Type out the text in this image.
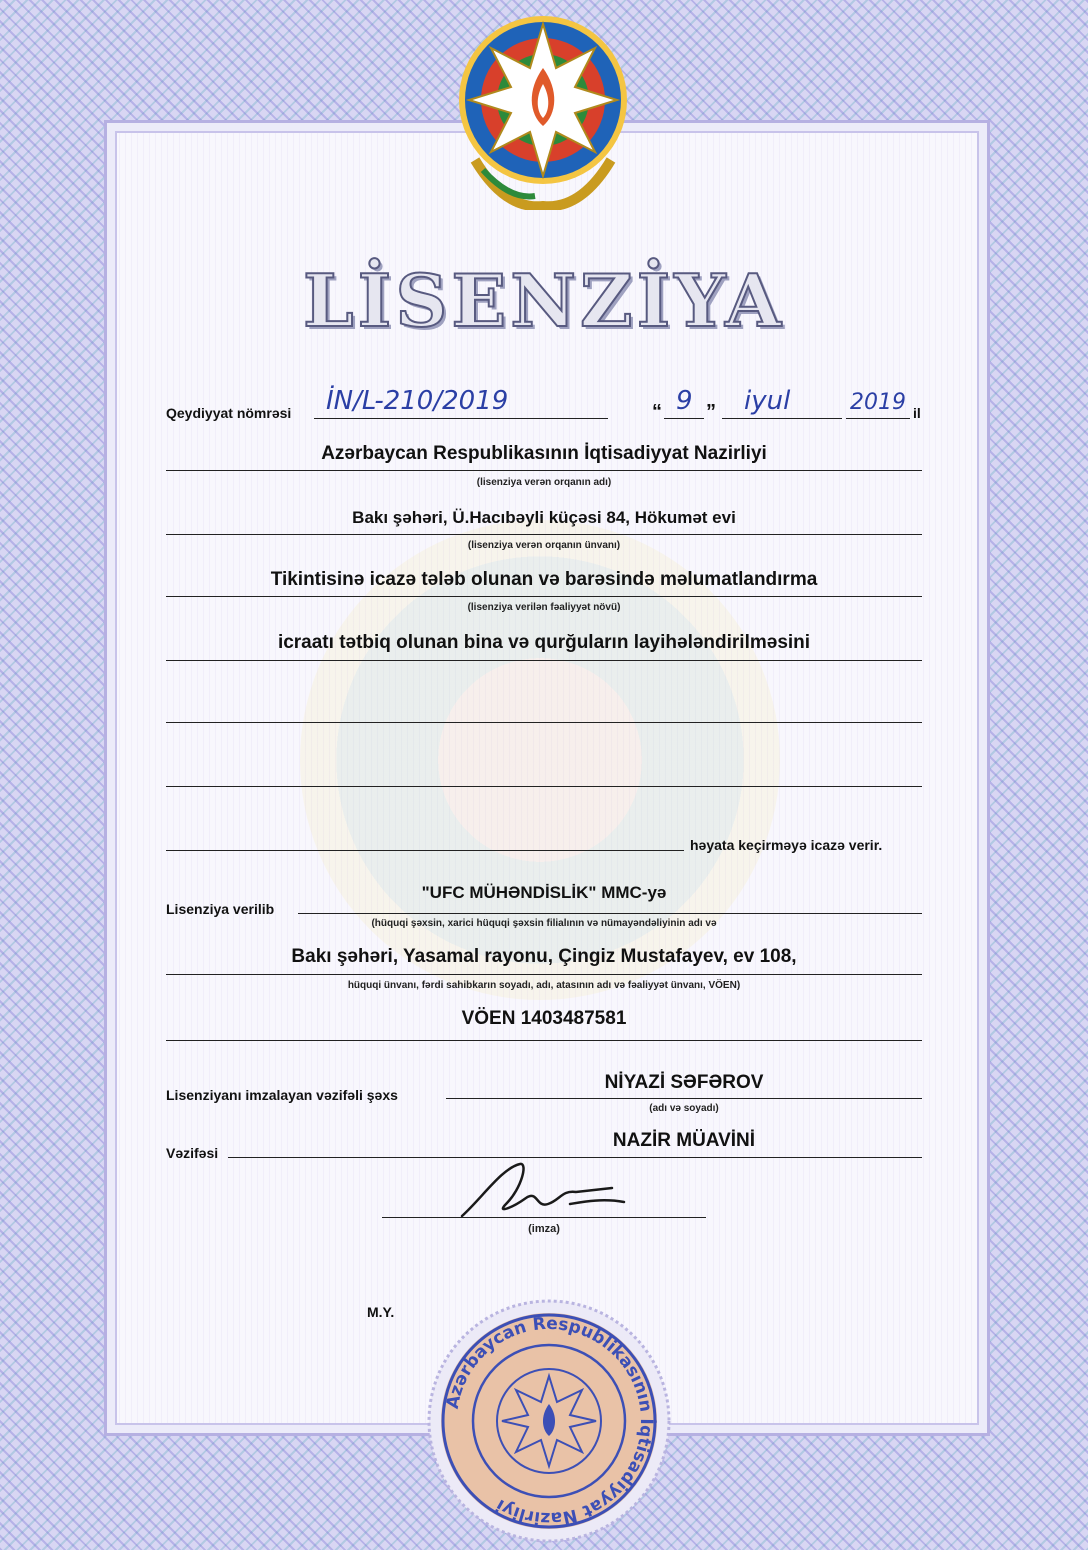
LİSENZİYA
Qeydiyyat nömrəsi İN/L-210/2019	“ 9 ” iyul	2019 il
Azərbaycan Respublikasının İqtisadiyyat Nazirliyi
(lisenziya verən orqanın adı)
Bakı şəhəri, Ü.Hacıbəyli küçəsi 84, Hökumət evi
(lisenziya verən orqanın ünvanı)
Tikintisinə icazə tələb olunan və barəsində məlumatlandırma
(lisenziya verilən fəaliyyət növü)
icraatı tətbiq olunan bina və qurğuların layihələndirilməsini
həyata keçirməyə icazə verir.
Lisenziya verilib
"UFC MÜHƏNDİSLİK" MMC-yə
(hüquqi şəxsin, xarici hüquqi şəxsin filialının və nümayəndəliyinin adı və
Bakı şəhəri, Yasamal rayonu, Çingiz Mustafayev, ev 108,
hüquqi ünvanı, fərdi sahibkarın soyadı, adı, atasının adı və fəaliyyət ünvanı, VÖEN)
VÖEN 1403487581
Lisenziyanı imzalayan vəzifəli şəxs
NİYAZİ SƏFƏROV
(adı və soyadı)
Vəzifəsi
NAZİR MÜAVİNİ
(imza)
M.Y.
Azərbaycan Respublikasının İqtisadiyyat Nazirliyi
